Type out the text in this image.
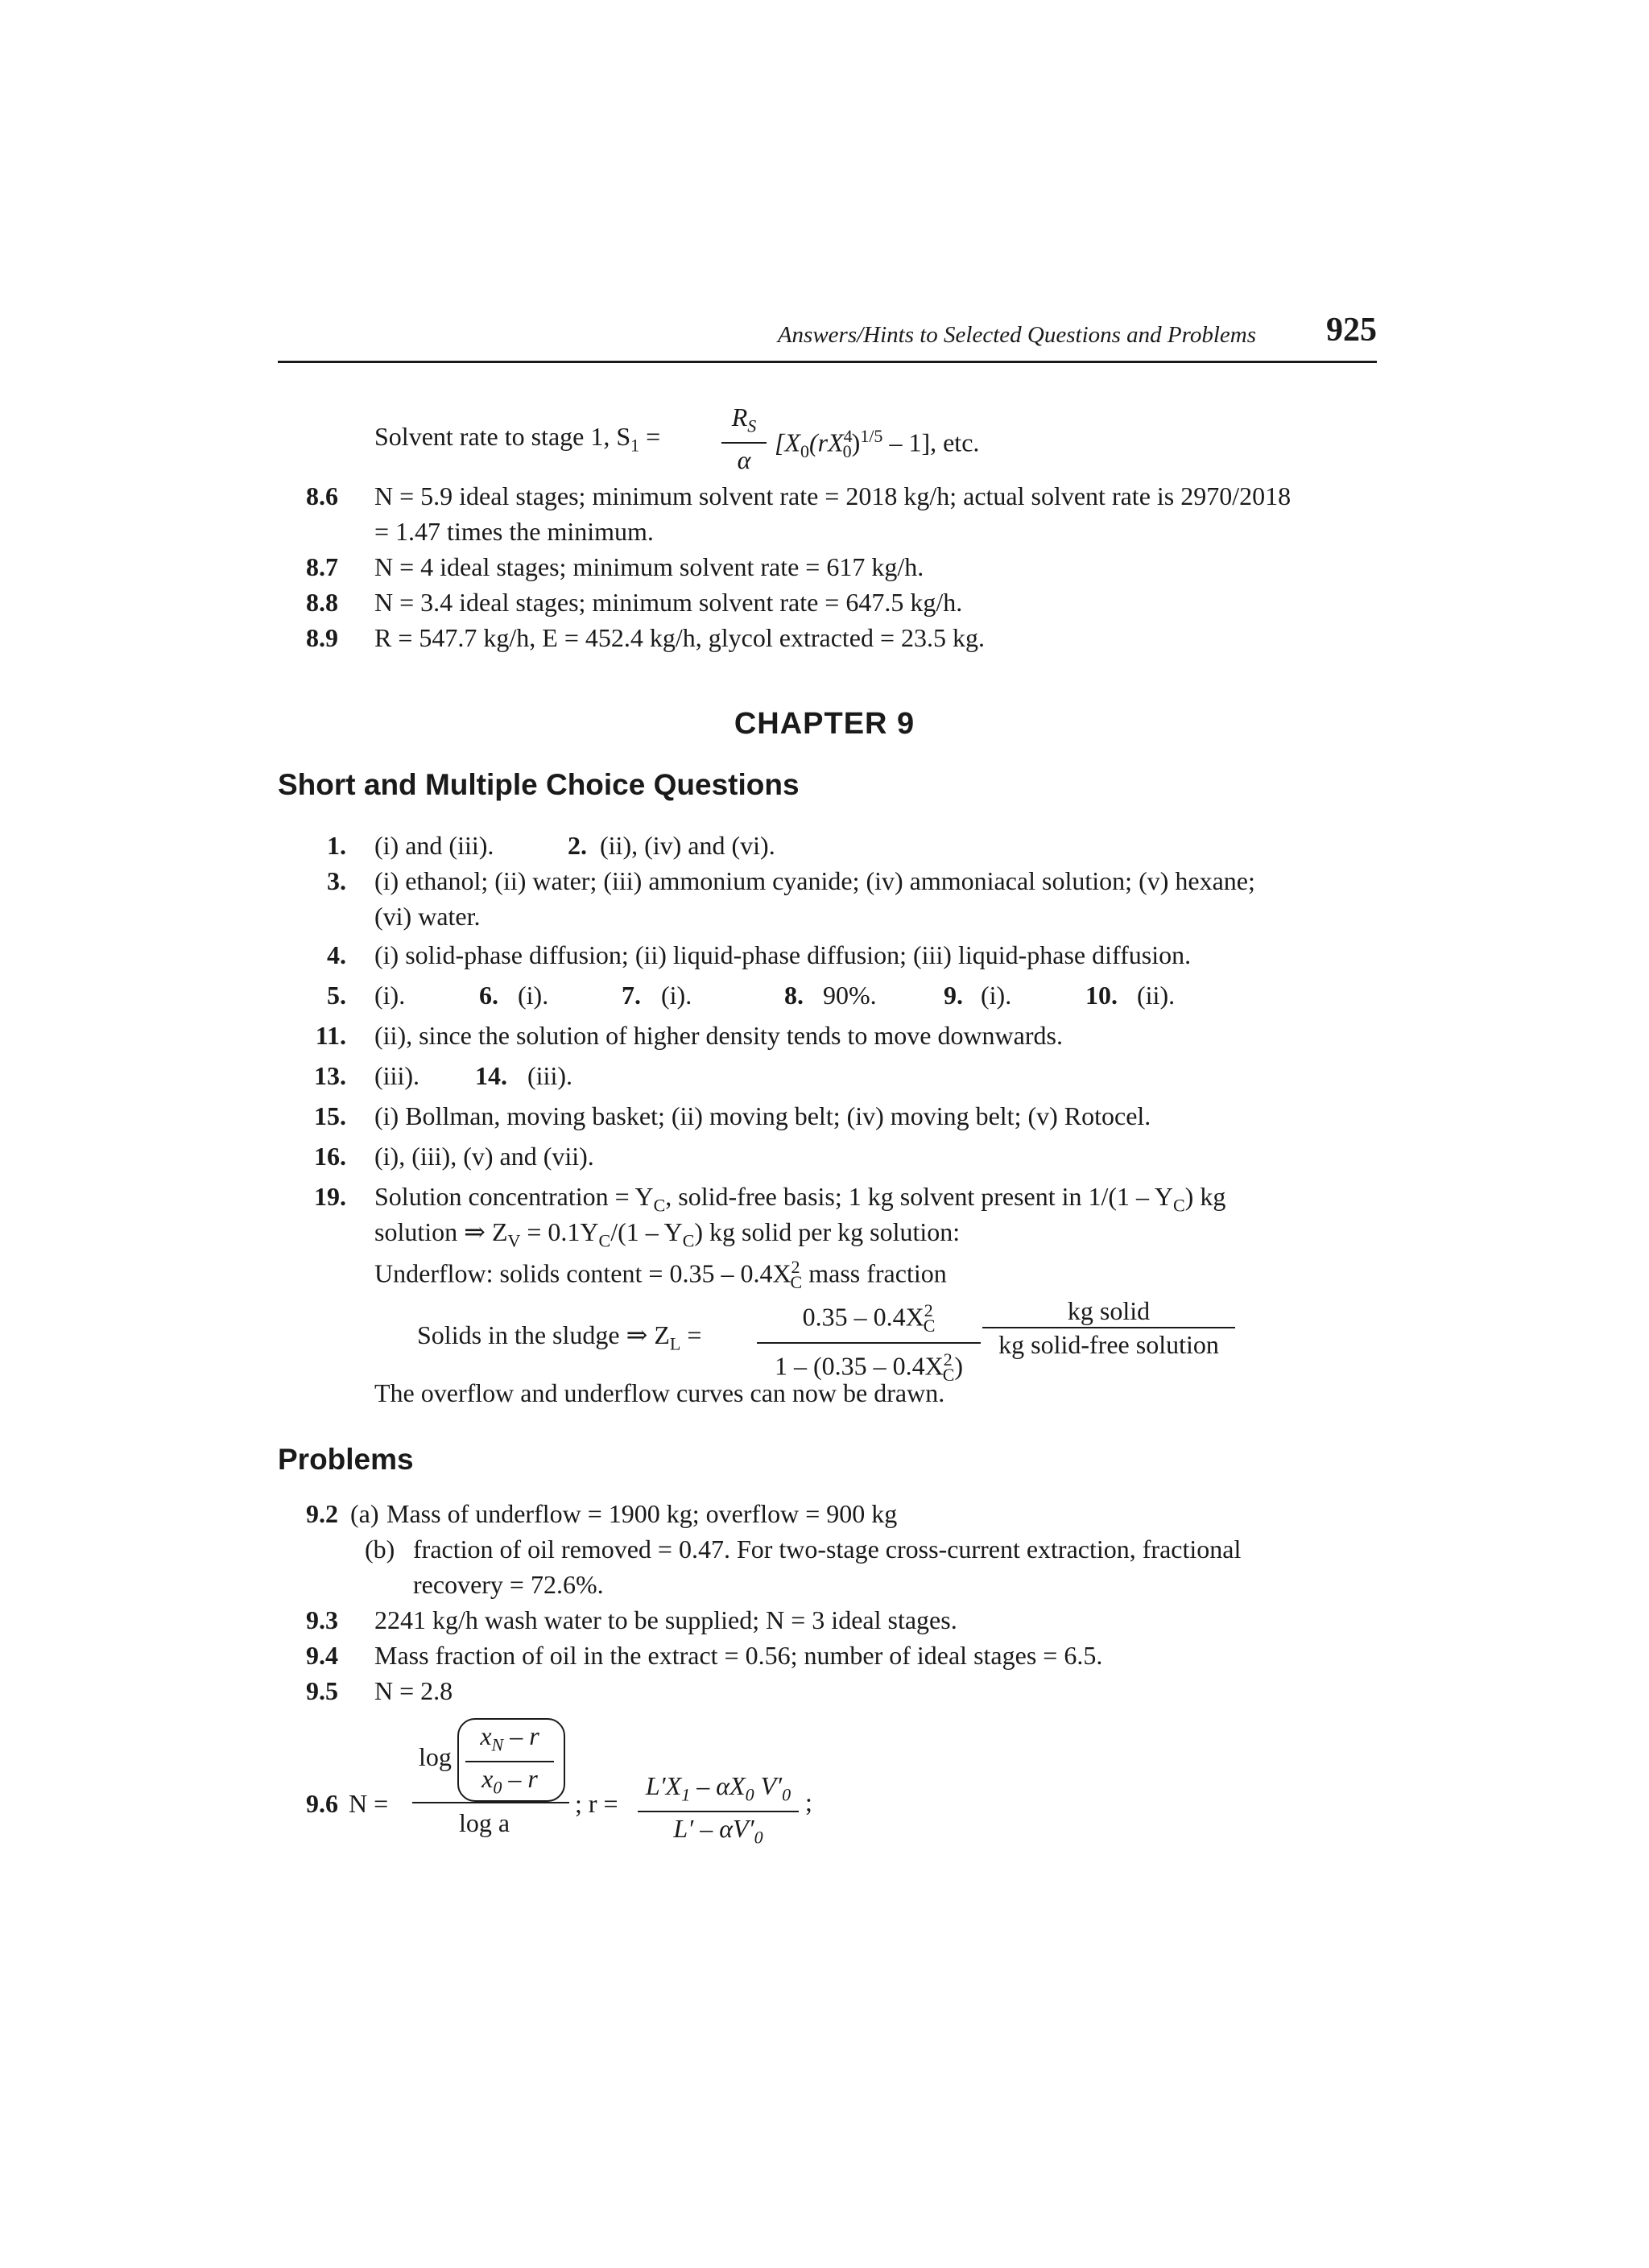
Answers/Hints to Selected Questions and Problems 925
Solvent rate to stage 1, $S_1 = \frac{R_S}{\alpha} [X_0(rX^4_0)^{1/5} - 1]$, etc.
8.6 N = 5.9 ideal stages; minimum solvent rate = 2018 kg/h; actual solvent rate is 2970/2018
= 1.47 times the minimum.
8.7 N = 4 ideal stages; minimum solvent rate = 617 kg/h.
8.8 N = 3.4 ideal stages; minimum solvent rate = 647.5 kg/h.
8.9 R = 547.7 kg/h, E = 452.4 kg/h, glycol extracted = 23.5 kg.
CHAPTER 9
Short and Multiple Choice Questions
1. (i) and (iii).	2. (ii), (iv) and (vi).
3. (i) ethanol; (ii) water; (iii) ammonium cyanide; (iv) ammoniacal solution; (v) hexane;
(vi) water.
4. (i) solid-phase diffusion; (ii) liquid-phase diffusion; (iii) liquid-phase diffusion.
5. (i).	6. (i).	7. (i).	8. 90%.	9. (i).	10. (ii).
11. (ii), since the solution of higher density tends to move downwards.
13. (iii). 14. (iii).
15. (i) Bollman, moving basket; (ii) moving belt; (iv) moving belt; (v) Rotocel.
16. (i), (iii), (v) and (vii).
19. Solution concentration = $Y_C$, solid-free basis; 1 kg solvent present in $1/(1 - Y_C)$ kg
solution ⇒ $Z_V = 0.1Y_C/(1 - Y_C)$ kg solid per kg solution:
Underflow: solids content = $0.35 - 0.4X^2_C$ mass fraction
Solids in the sludge ⇒ $Z_L = \frac{0.35 - 0.4X^2_C}{1 - (0.35 - 0.4X^2_C)}$	kg solid
kg solid-free solution
The overflow and underflow curves can now be drawn.
Problems
9.2 (a) Mass of underflow = 1900 kg; overflow = 900 kg
(b) fraction of oil removed = 0.47. For two-stage cross-current extraction, fractional
recovery = 72.6%.
9.3 2241 kg/h wash water to be supplied; N = 3 ideal stages.
9.4 Mass fraction of oil in the extract = 0.56; number of ideal stages = 6.5.
9.5 N = 2.8
9.6 N =
$\log \frac{x_N - r}{x_0 - r}$
log a
; $r = \frac{L'X_1 - \alpha X_0 V'_0}{L' - \alpha V'_0}$ ;
